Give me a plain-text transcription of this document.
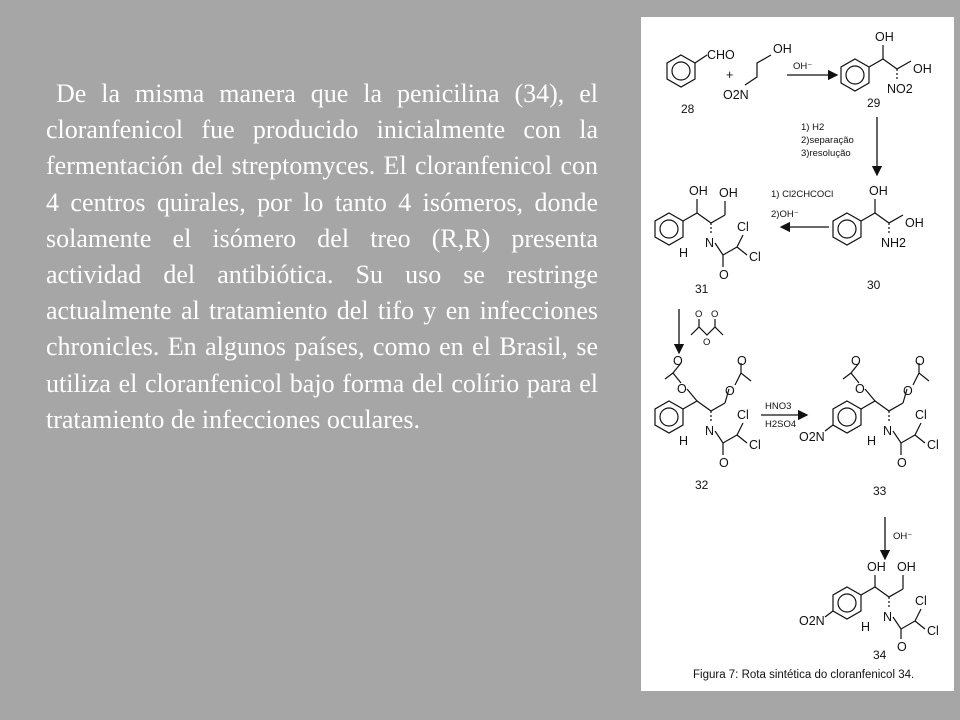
De la misma manera que la penicilina (34), el cloranfenicol fue producido inicialmente con la fermentación del streptomyces. El cloranfenicol con 4 centros quirales, por lo tanto 4 isómeros, donde solamente el isómero del treo (R,R) presenta actividad del antibiótica. Su uso se restringe actualmente al tratamiento del tifo y en infecciones chronicles. En algunos países, como en el Brasil, se utiliza el cloranfenicol bajo forma del colírio para el tratamiento de infecciones oculares.

CHO
28
+
OH
O2N
OH⁻
OH
OH
NO2
29
1) H2
2)separação
3)resolução
OH
OH
NH2
30
1) Cl2CHCOCl
2)OH⁻
OH OH
N
H
Cl
Cl
O
31
O O
O
O
O	O
O
N
H
Cl
Cl
O
32
HNO3
H2SO4
O
O	O
O
O2N	N
H
Cl
Cl
O
33
OH⁻
OH OH
O2N	N
H
Cl
Cl
O
34
Figura 7: Rota sintética do cloranfenicol 34.
